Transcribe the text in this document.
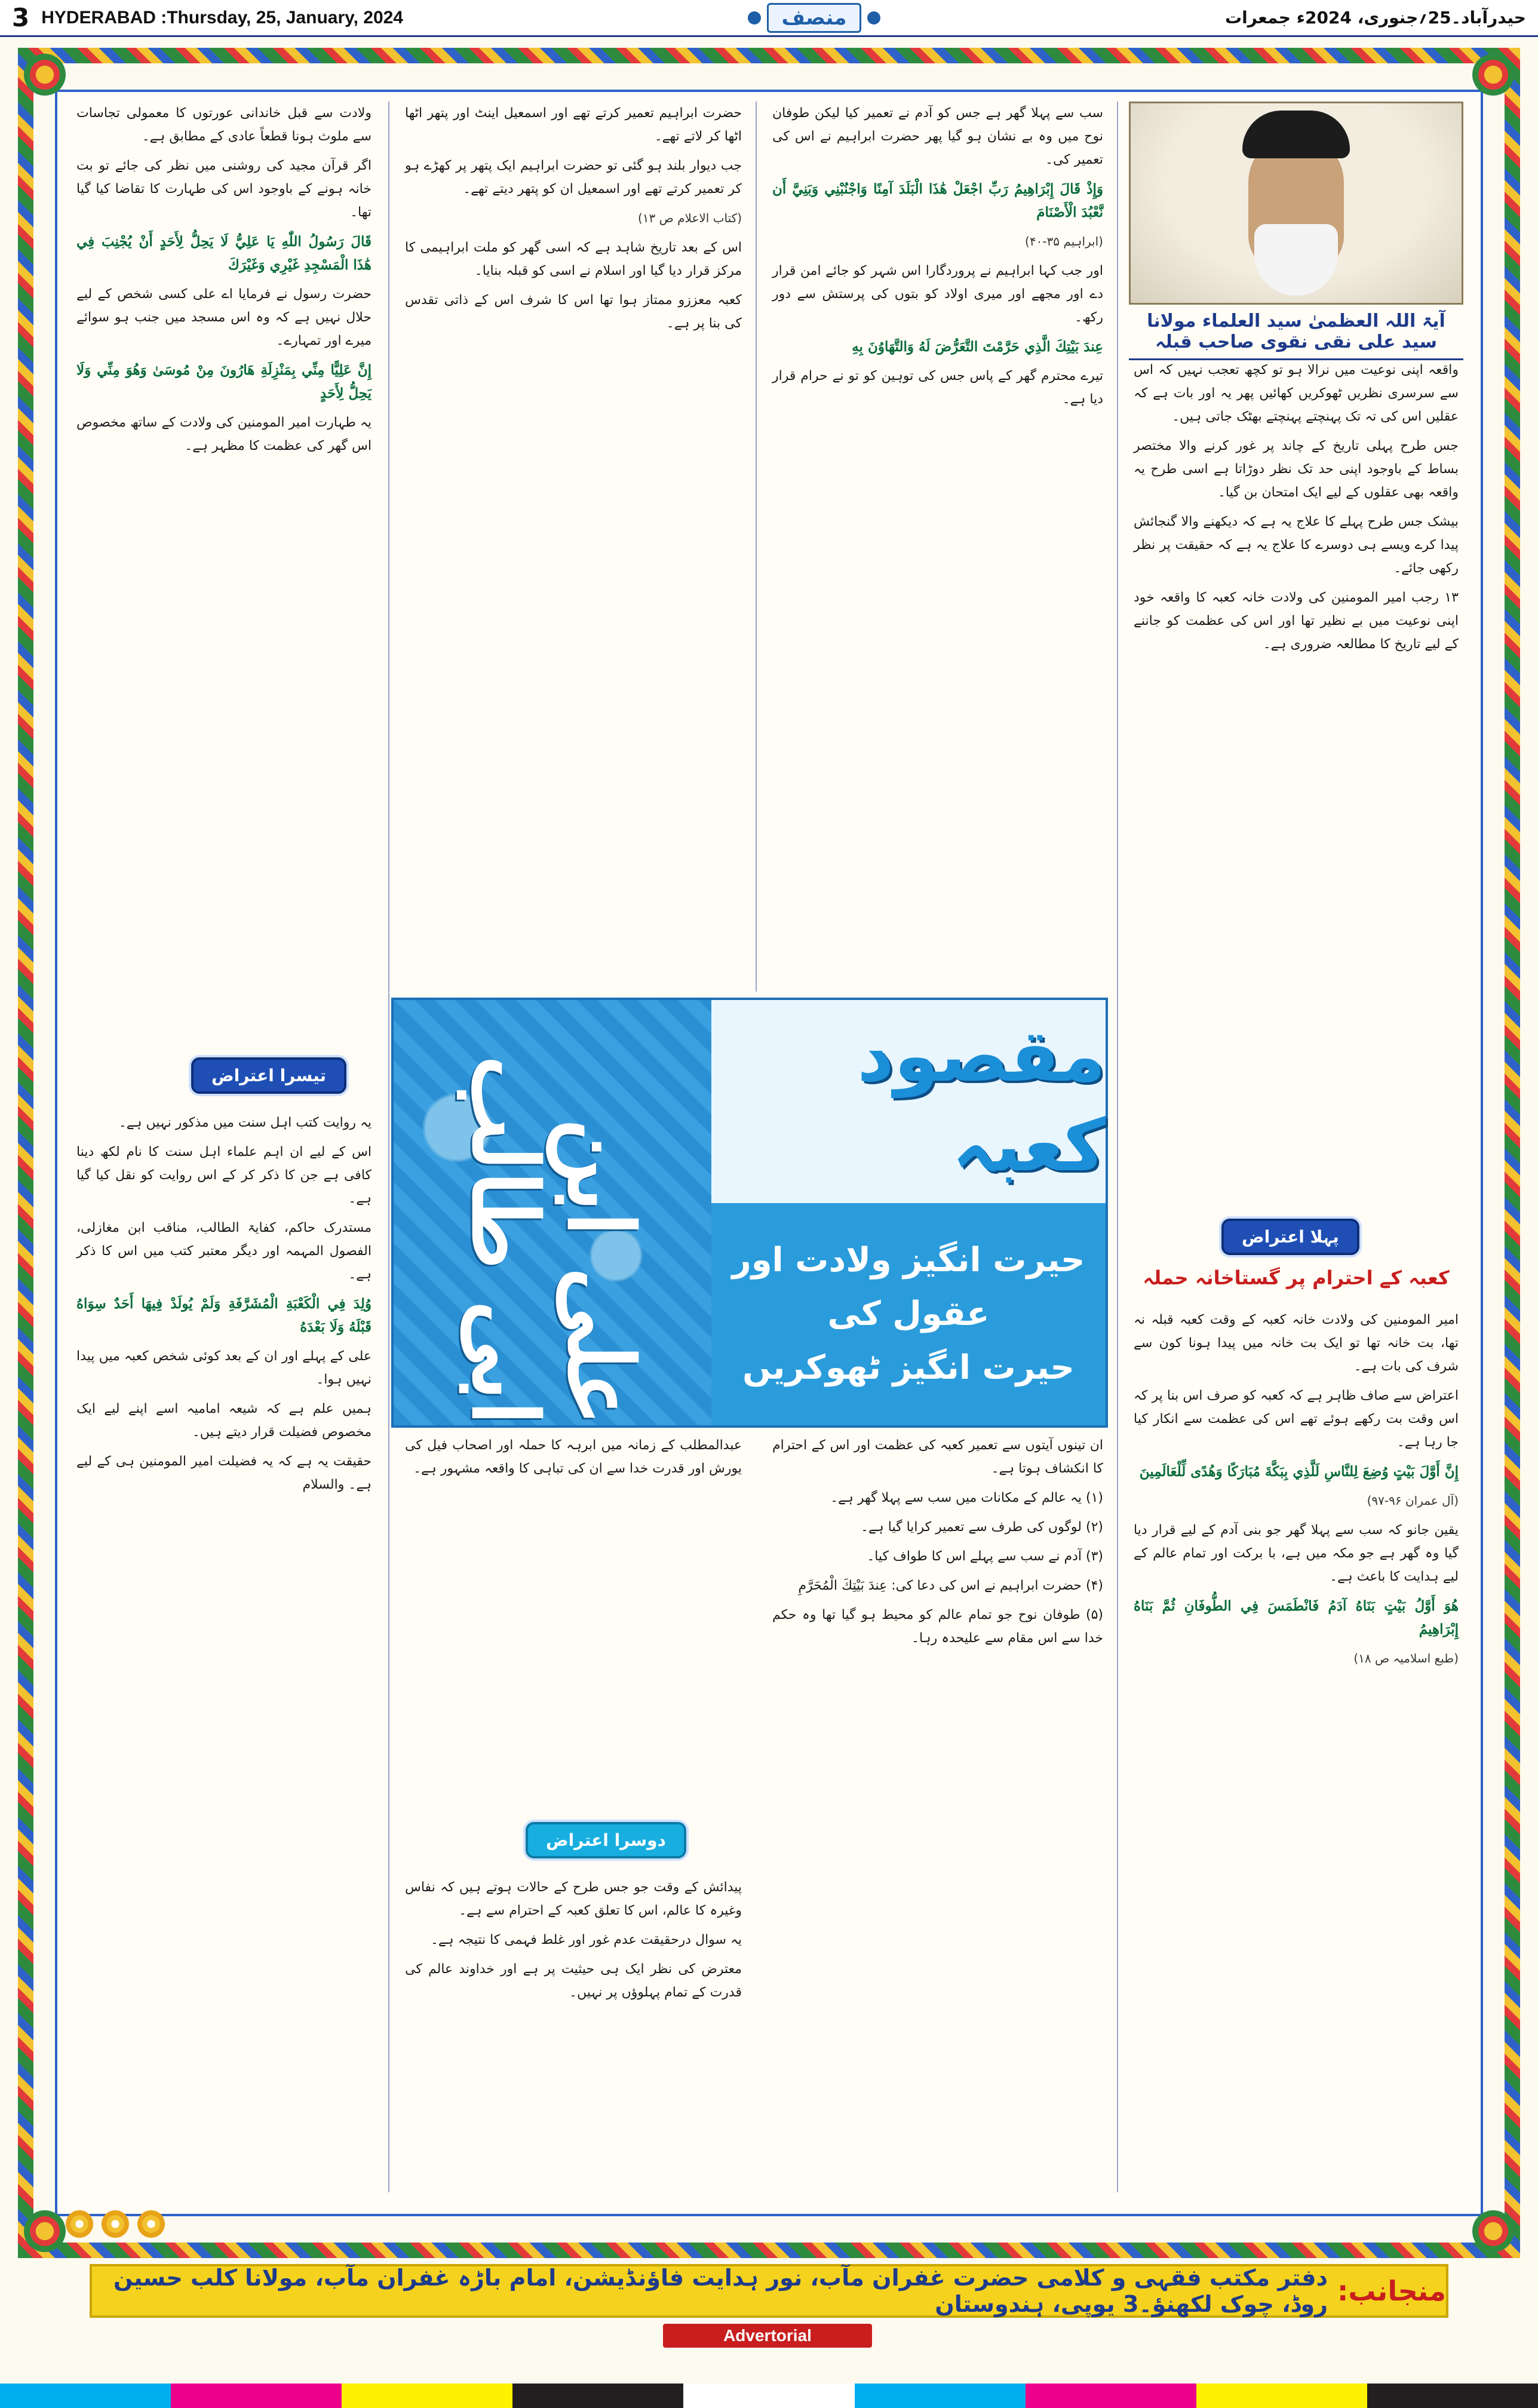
3 HYDERABAD :Thursday, 25, January, 2024	منصف	حیدرآباد۔25؍جنوری، 2024ء جمعرات
آیۃ اللہ العظمیٰ سید العلماء مولانا سید علی نقی نقوی صاحب قبلہ

واقعہ اپنی نوعیت میں نرالا ہو تو کچھ تعجب نہیں کہ اس سے سرسری نظریں ٹھوکریں کھائیں پھر یہ اور بات ہے کہ عقلیں اس کی تہ تک پہنچتے پہنچتے بھٹک جاتی ہیں۔

جس طرح پہلی تاریخ کے چاند پر غور کرنے والا مختصر بساط کے باوجود اپنی حد تک نظر دوڑاتا ہے اسی طرح یہ واقعہ بھی عقلوں کے لیے ایک امتحان بن گیا۔

بیشک جس طرح پہلے کا علاج یہ ہے کہ دیکھنے والا گنجائش پیدا کرے ویسے ہی دوسرے کا علاج یہ ہے کہ حقیقت پر نظر رکھی جائے۔

۱۳ رجب امیر المومنین کی ولادت خانہ کعبہ کا واقعہ خود اپنی نوعیت میں بے نظیر تھا اور اس کی عظمت کو جاننے کے لیے تاریخ کا مطالعہ ضروری ہے۔

پہلا اعتراض
کعبہ کے احترام پر گستاخانہ حملہ

امیر المومنین کی ولادت خانہ کعبہ کے وقت کعبہ قبلہ نہ تھا، بت خانہ تھا تو ایک بت خانہ میں پیدا ہونا کون سے شرف کی بات ہے۔

اعتراض سے صاف ظاہر ہے کہ کعبہ کو صرف اس بنا پر کہ اس وقت بت رکھے ہوئے تھے اس کی عظمت سے انکار کیا جا رہا ہے۔

إِنَّ أَوَّلَ بَيْتٍ وُضِعَ لِلنَّاسِ لَلَّذِي بِبَكَّةَ مُبَارَكًا وَهُدًى لِّلْعَالَمِينَ

(آل عمران ۹۶-۹۷)

یقین جانو کہ سب سے پہلا گھر جو بنی آدم کے لیے قرار دیا گیا وہ گھر ہے جو مکہ میں ہے، با برکت اور تمام عالم کے لیے ہدایت کا باعث ہے۔

هُوَ أَوَّلُ بَيْتٍ بَنَاهُ آدَمُ فَانْطَمَسَ فِي الطُّوفَانِ ثُمَّ بَنَاهُ إِبْرَاهِيمُ

(طبع اسلامیہ ص ۱۸)

سب سے پہلا گھر ہے جس کو آدم نے تعمیر کیا لیکن طوفان نوح میں وہ بے نشان ہو گیا پھر حضرت ابراہیم نے اس کی تعمیر کی۔

وَإِذْ قَالَ إِبْرَاهِيمُ رَبِّ اجْعَلْ هَٰذَا الْبَلَدَ آمِنًا وَاجْنُبْنِي وَبَنِيَّ أَن نَّعْبُدَ الْأَصْنَامَ

(ابراہیم ۳۵-۴۰)

اور جب کہا ابراہیم نے پروردگارا اس شہر کو جائے امن قرار دے اور مجھے اور میری اولاد کو بتوں کی پرستش سے دور رکھ۔

عِندَ بَيْتِكَ الَّذِي حَرَّمْتَ التَّعَرُّضَ لَهُ وَالتَّهَاوُنَ بِهِ

تیرے محترم گھر کے پاس جس کی توہین کو تو نے حرام قرار دیا ہے۔

ان تینوں آیتوں سے تعمیر کعبہ کی عظمت اور اس کے احترام کا انکشاف ہوتا ہے۔

(۱) یہ عالم کے مکانات میں سب سے پہلا گھر ہے۔

(۲) لوگوں کی طرف سے تعمیر کرایا گیا ہے۔

(۳) آدم نے سب سے پہلے اس کا طواف کیا۔

(۴) حضرت ابراہیم نے اس کی دعا کی: عِندَ بَيْتِكَ الْمُحَرَّمِ

(۵) طوفان نوح جو تمام عالم کو محیط ہو گیا تھا وہ حکم خدا سے اس مقام سے علیحدہ رہا۔

حضرت ابراہیم تعمیر کرتے تھے اور اسمعیل اینٹ اور پتھر اٹھا اٹھا کر لاتے تھے۔

جب دیوار بلند ہو گئی تو حضرت ابراہیم ایک پتھر پر کھڑے ہو کر تعمیر کرتے تھے اور اسمعیل ان کو پتھر دیتے تھے۔

(کتاب الاعلام ص ۱۳)

اس کے بعد تاریخ شاہد ہے کہ اسی گھر کو ملت ابراہیمی کا مرکز قرار دیا گیا اور اسلام نے اسی کو قبلہ بنایا۔

کعبہ معززو ممتاز ہوا تھا اس کا شرف اس کے ذاتی تقدس کی بنا پر ہے۔

عبدالمطلب کے زمانہ میں ابرہہ کا حملہ اور اصحاب فیل کی یورش اور قدرت خدا سے ان کی تباہی کا واقعہ مشہور ہے۔

دوسرا اعتراض

پیدائش کے وقت جو جس طرح کے حالات ہوتے ہیں کہ نفاس وغیرہ کا عالم، اس کا تعلق کعبہ کے احترام سے ہے۔

یہ سوال درحقیقت عدم غور اور غلط فہمی کا نتیجہ ہے۔

معترض کی نظر ایک ہی حیثیت پر ہے اور خداوند عالم کی قدرت کے تمام پہلوؤں پر نہیں۔

ولادت سے قبل خاندانی عورتوں کا معمولی تجاسات سے ملوث ہونا قطعاً عادی کے مطابق ہے۔

اگر قرآن مجید کی روشنی میں نظر کی جائے تو بت خانہ ہونے کے باوجود اس کی طہارت کا تقاضا کیا گیا تھا۔

قَالَ رَسُولُ اللّٰهِ يَا عَلِيُّ لَا يَحِلُّ لِأَحَدٍ أَنْ يُجْنِبَ فِي هَٰذَا الْمَسْجِدِ غَيْرِي وَغَيْرَكَ

حضرت رسول نے فرمایا اے علی کسی شخص کے لیے حلال نہیں ہے کہ وہ اس مسجد میں جنب ہو سوائے میرے اور تمہارے۔

إِنَّ عَلِيًّا مِنِّي بِمَنْزِلَةِ هَارُونَ مِنْ مُوسَىٰ وَهُوَ مِنِّي وَلَا يَحِلُّ لِأَحَدٍ

یہ طہارت امیر المومنین کی ولادت کے ساتھ مخصوص اس گھر کی عظمت کا مظہر ہے۔

تیسرا اعتراض

یہ روایت کتب اہل سنت میں مذکور نہیں ہے۔

اس کے لیے ان اہم علماء اہل سنت کا نام لکھ دینا کافی ہے جن کا ذکر کر کے اس روایت کو نقل کیا گیا ہے۔

مستدرک حاکم، کفایۃ الطالب، مناقب ابن مغازلی، الفصول المہمہ اور دیگر معتبر کتب میں اس کا ذکر ہے۔

وُلِدَ فِي الْكَعْبَةِ الْمُشَرَّفَةِ وَلَمْ يُولَدْ فِيهَا أَحَدٌ سِوَاهُ قَبْلَهُ وَلَا بَعْدَهُ

علی کے پہلے اور ان کے بعد کوئی شخص کعبہ میں پیدا نہیں ہوا۔

ہمیں علم ہے کہ شیعہ امامیہ اسے اپنے لیے ایک مخصوص فضیلت قرار دیتے ہیں۔

حقیقت یہ ہے کہ یہ فضیلت امیر المومنین ہی کے لیے ہے۔ والسلام

علی ابن ابی طالب	مقصود کعبہ
حیرت انگیز ولادت اور عقول کی
حیرت انگیز ٹھوکریں
منجانب:
دفتر مکتب فقہی و کلامی حضرت غفران مآب، نور ہدایت فاؤنڈیشن، امام باڑہ غفران مآب، مولانا کلب حسین روڈ، چوک لکھنؤ۔3 یوپی، ہندوستان
Advertorial
